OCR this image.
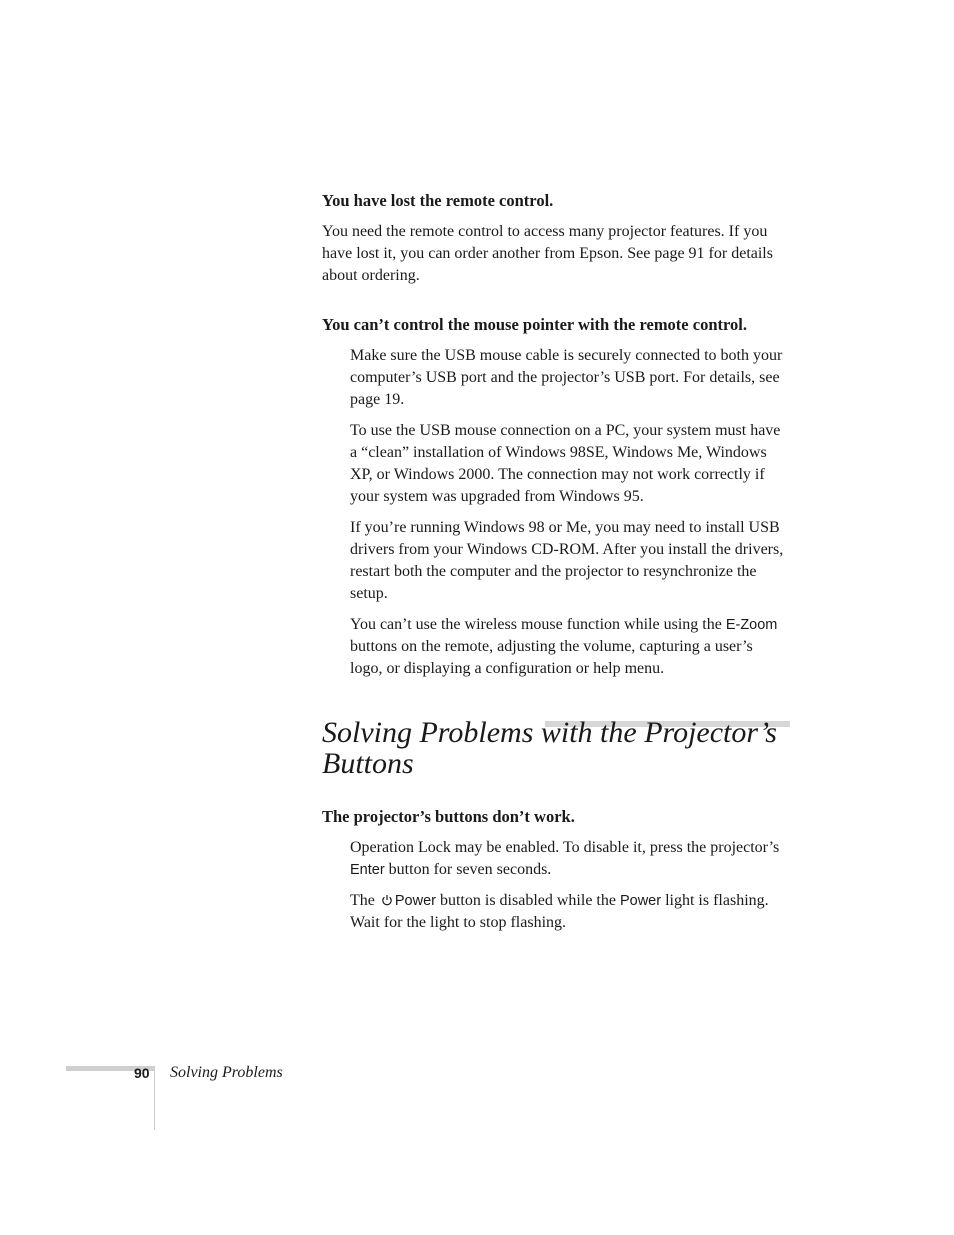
You have lost the remote control.

You need the remote control to access many projector features. If you have lost it, you can order another from Epson. See page 91 for details about ordering.

You can’t control the mouse pointer with the remote control.

Make sure the USB mouse cable is securely connected to both your computer’s USB port and the projector’s USB port. For details, see page 19.

To use the USB mouse connection on a PC, your system must have a “clean” installation of Windows 98SE, Windows Me, Windows XP, or Windows 2000. The connection may not work correctly if your system was upgraded from Windows 95.

If you’re running Windows 98 or Me, you may need to install USB drivers from your Windows CD-ROM. After you install the drivers, restart both the computer and the projector to resynchronize the setup.

You can’t use the wireless mouse function while using the E-Zoom buttons on the remote, adjusting the volume, capturing a user’s logo, or displaying a configuration or help menu.

Solving Problems with the Projector’s

Buttons

The projector’s buttons don’t work.

Operation Lock may be enabled. To disable it, press the projector’s Enter button for seven seconds.

The Power button is disabled while the Power light is flashing. Wait for the light to stop flashing.

90 Solving Problems
